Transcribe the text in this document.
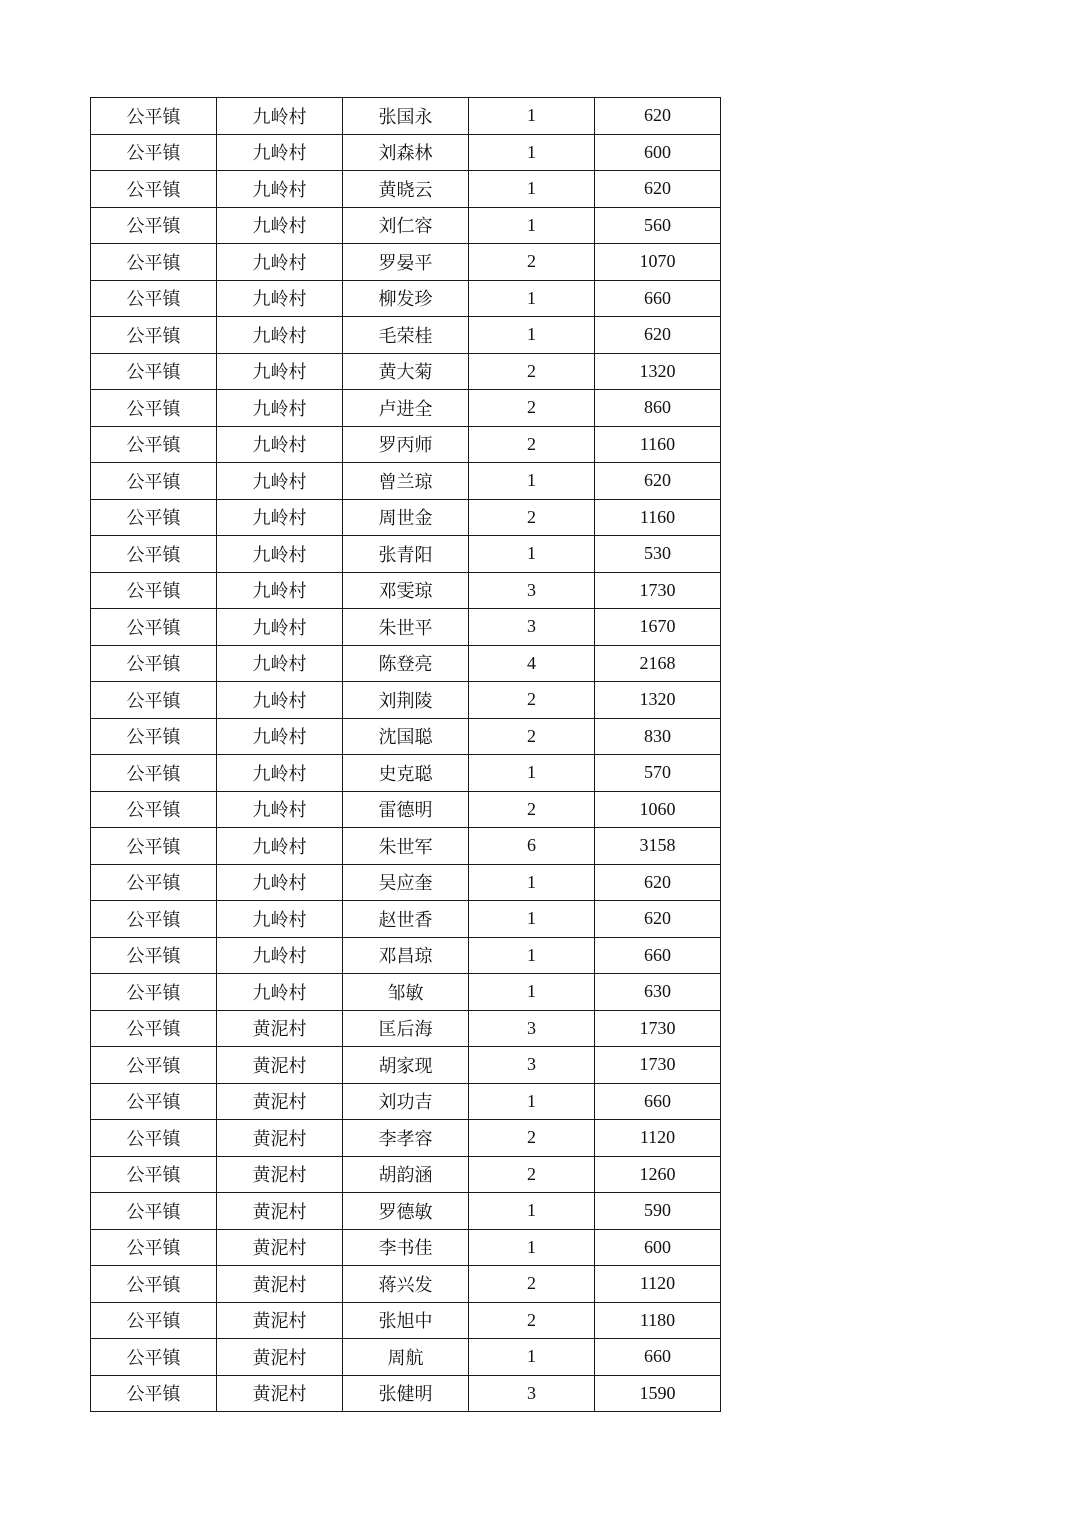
公平镇	九岭村	张国永	1	620
公平镇	九岭村	刘森林	1	600
公平镇	九岭村	黄晓云	1	620
公平镇	九岭村	刘仁容	1	560
公平镇	九岭村	罗晏平	2	1070
公平镇	九岭村	柳发珍	1	660
公平镇	九岭村	毛荣桂	1	620
公平镇	九岭村	黄大菊	2	1320
公平镇	九岭村	卢进全	2	860
公平镇	九岭村	罗丙师	2	1160
公平镇	九岭村	曾兰琼	1	620
公平镇	九岭村	周世金	2	1160
公平镇	九岭村	张青阳	1	530
公平镇	九岭村	邓雯琼	3	1730
公平镇	九岭村	朱世平	3	1670
公平镇	九岭村	陈登亮	4	2168
公平镇	九岭村	刘荆陵	2	1320
公平镇	九岭村	沈国聪	2	830
公平镇	九岭村	史克聪	1	570
公平镇	九岭村	雷德明	2	1060
公平镇	九岭村	朱世军	6	3158
公平镇	九岭村	吴应奎	1	620
公平镇	九岭村	赵世香	1	620
公平镇	九岭村	邓昌琼	1	660
公平镇	九岭村	邹敏	1	630
公平镇	黄泥村	匡后海	3	1730
公平镇	黄泥村	胡家现	3	1730
公平镇	黄泥村	刘功吉	1	660
公平镇	黄泥村	李孝容	2	1120
公平镇	黄泥村	胡韵涵	2	1260
公平镇	黄泥村	罗德敏	1	590
公平镇	黄泥村	李书佳	1	600
公平镇	黄泥村	蒋兴发	2	1120
公平镇	黄泥村	张旭中	2	1180
公平镇	黄泥村	周航	1	660
公平镇	黄泥村	张健明	3	1590
